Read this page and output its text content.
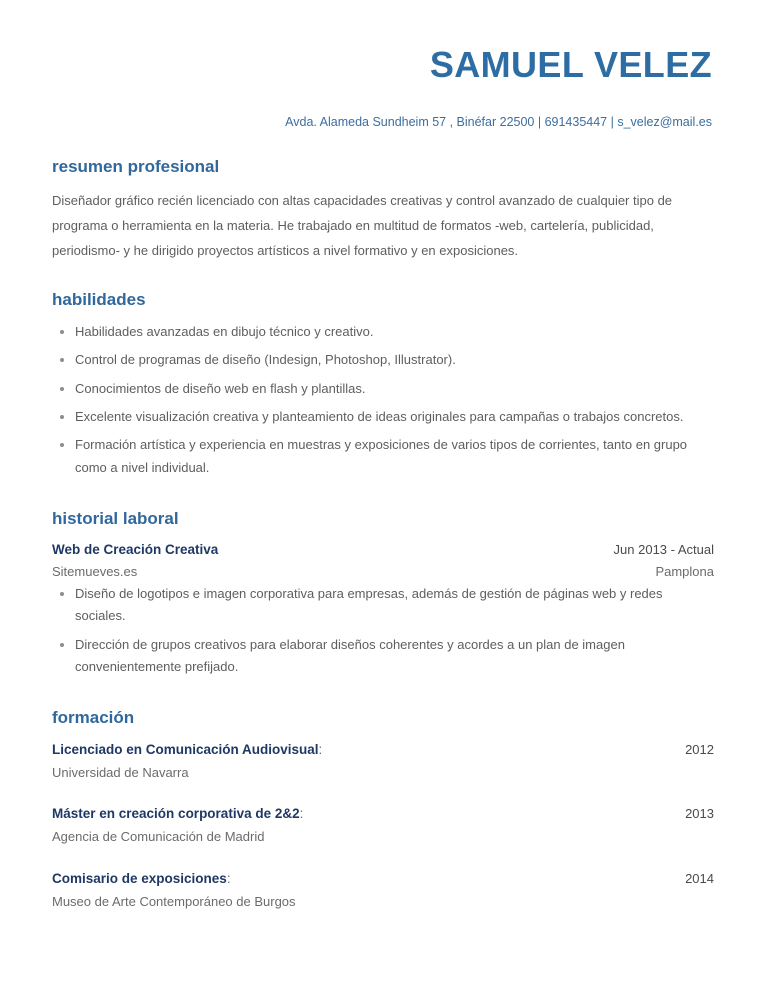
SAMUEL VELEZ
Avda. Alameda Sundheim 57 , Binéfar 22500 | 691435447 | s_velez@mail.es
resumen profesional

Diseñador gráfico recién licenciado con altas capacidades creativas y control avanzado de cualquier tipo de programa o herramienta en la materia. He trabajado en multitud de formatos -web, cartelería, publicidad, periodismo- y he dirigido proyectos artísticos a nivel formativo y en exposiciones.

habilidades
Habilidades avanzadas en dibujo técnico y creativo.
Control de programas de diseño (Indesign, Photoshop, Illustrator).
Conocimientos de diseño web en flash y plantillas.
Excelente visualización creativa y planteamiento de ideas originales para campañas o trabajos concretos.
Formación artística y experiencia en muestras y exposiciones de varios tipos de corrientes, tanto en grupo como a nivel individual.
historial laboral
Web de Creación Creativa	Jun 2013 - Actual
Sitemueves.es	Pamplona
Diseño de logotipos e imagen corporativa para empresas, además de gestión de páginas web y redes sociales.
Dirección de grupos creativos para elaborar diseños coherentes y acordes a un plan de imagen convenientemente prefijado.
formación
Licenciado en Comunicación Audiovisual:	2012
Universidad de Navarra
Máster en creación corporativa de 2&2:	2013
Agencia de Comunicación de Madrid
Comisario de exposiciones:	2014
Museo de Arte Contemporáneo de Burgos
